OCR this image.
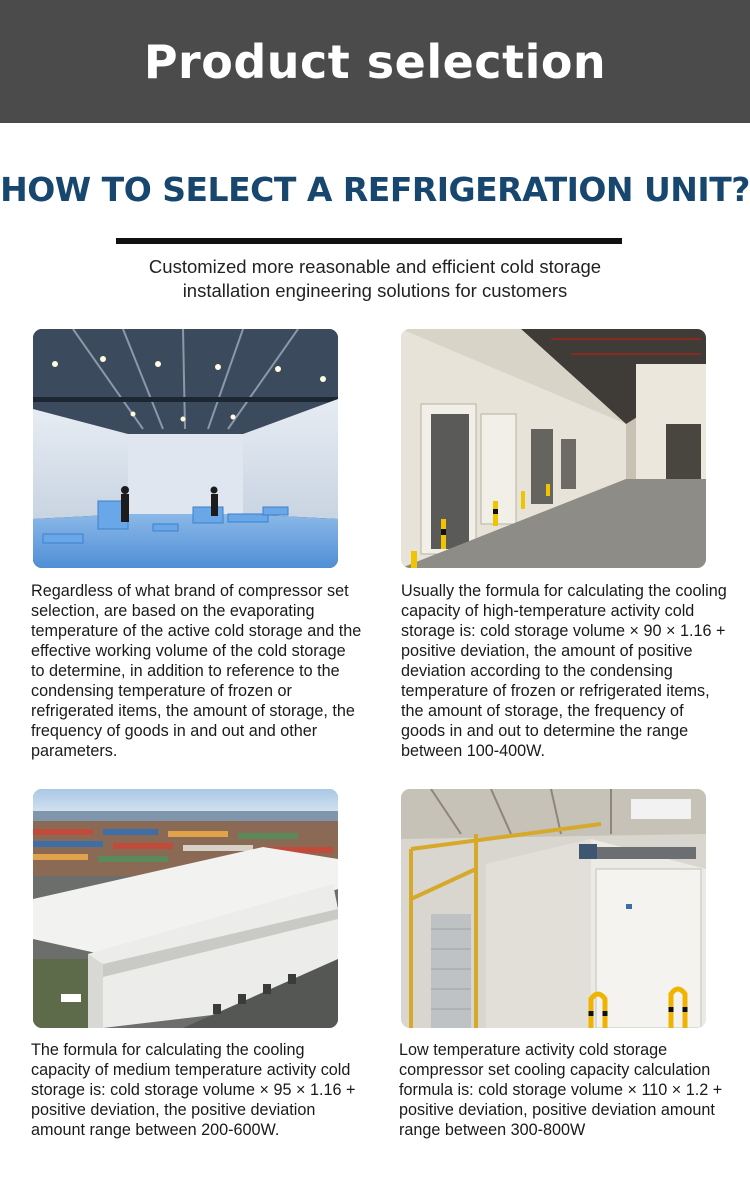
Product selection
HOW TO SELECT A REFRIGERATION UNIT?
Customized more reasonable and efficient cold storage
installation engineering solutions for customers
Regardless of what brand of compressor set selection, are based on the evaporating temperature of the active cold storage and the effective working volume of the cold storage to determine, in addition to reference to the condensing temperature of frozen or refrigerated items, the amount of storage, the frequency of goods in and out and other parameters.
Usually the formula for calculating the cooling capacity of high-temperature activity cold storage is: cold storage volume × 90 × 1.16 + positive deviation, the amount of positive deviation according to the condensing temperature of frozen or refrigerated items, the amount of storage, the frequency of goods in and out to determine the range between 100-400W.
The formula for calculating the cooling capacity of medium temperature activity cold storage is: cold storage volume × 95 × 1.16 + positive deviation, the positive deviation amount range between 200-600W.
Low temperature activity cold storage compressor set cooling capacity calculation formula is: cold storage volume × 110 × 1.2 + positive deviation, positive deviation amount range between 300-800W
